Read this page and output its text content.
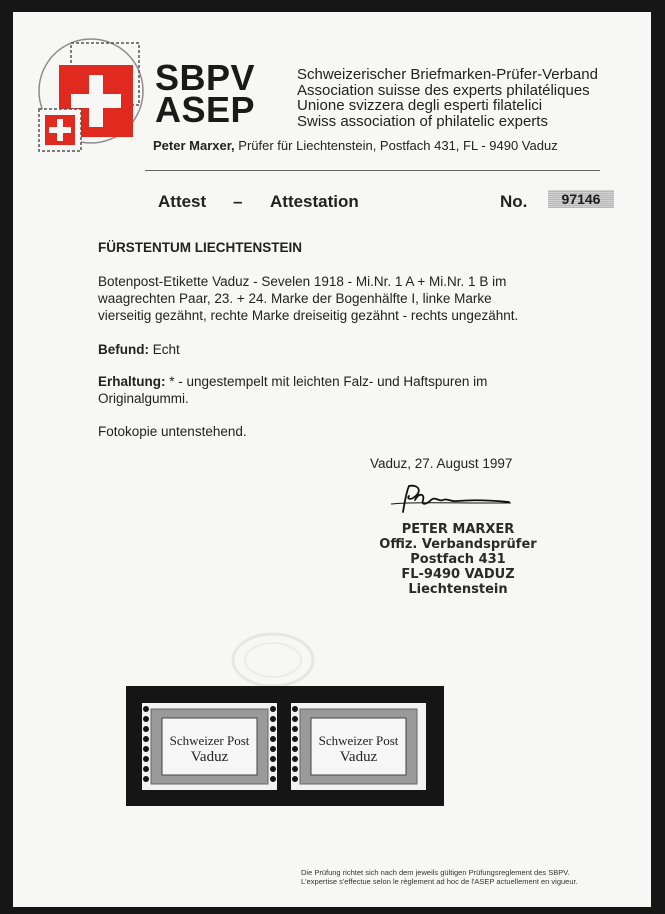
SBPV
ASEP
Schweizerischer Briefmarken-Prüfer-Verband
Association suisse des experts philatéliques
Unione svizzera degli esperti filatelici
Swiss association of philatelic experts
Peter Marxer, Prüfer für Liechtenstein, Postfach 431, FL - 9490 Vaduz
Attest – Attestation	No.	97146
FÜRSTENTUM LIECHTENSTEIN
Botenpost-Etikette Vaduz - Sevelen 1918 - Mi.Nr. 1 A + Mi.Nr. 1 B im
waagrechten Paar, 23. + 24. Marke der Bogenhälfte I, linke Marke
vierseitig gezähnt, rechte Marke dreiseitig gezähnt - rechts ungezähnt.
Befund: Echt
Erhaltung: * - ungestempelt mit leichten Falz- und Haftspuren im
Originalgummi.
Fotokopie untenstehend.
Vaduz, 27. August 1997
PETER MARXER
Offiz. Verbandsprüfer
Postfach 431
FL-9490 VADUZ
Liechtenstein
Schweizer Post
Vaduz
Schweizer Post
Vaduz
Die Prüfung richtet sich nach dem jeweils gültigen Prüfungsreglement des SBPV.
L'expertise s'effectue selon le règlement ad hoc de l'ASEP actuellement en vigueur.
